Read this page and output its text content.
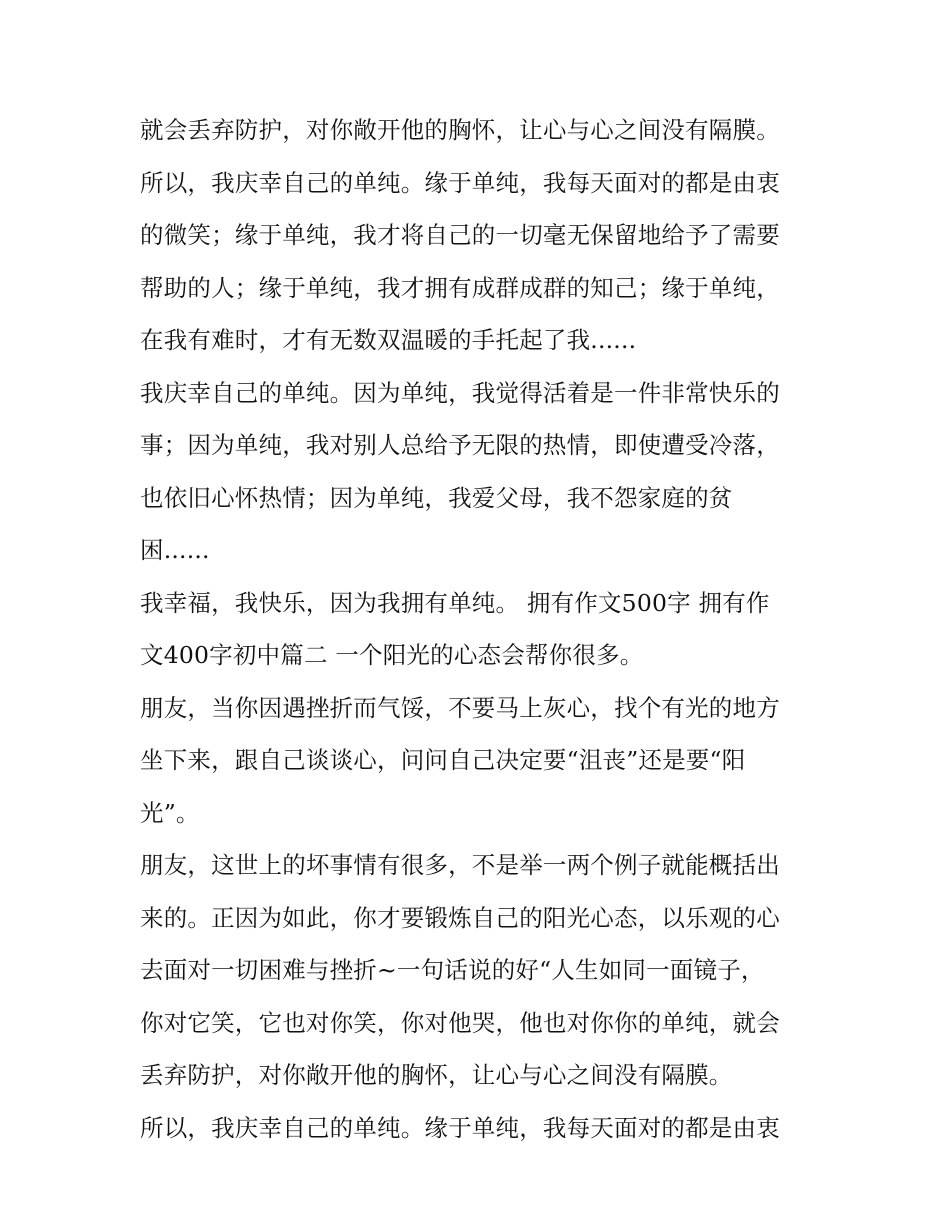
就会丢弃防护，对你敞开他的胸怀，让心与心之间没有隔膜。
所以，我庆幸自己的单纯。缘于单纯，我每天面对的都是由衷
的微笑；缘于单纯，我才将自己的一切毫无保留地给予了需要
帮助的人；缘于单纯，我才拥有成群成群的知己；缘于单纯，
在我有难时，才有无数双温暖的手托起了我......
我庆幸自己的单纯。因为单纯，我觉得活着是一件非常快乐的
事；因为单纯，我对别人总给予无限的热情，即使遭受冷落，
也依旧心怀热情；因为单纯，我爱父母，我不怨家庭的贫
困......
我幸福，我快乐，因为我拥有单纯。 拥有作文500字 拥有作
文400字初中篇二 一个阳光的心态会帮你很多。
朋友，当你因遇挫折而气馁，不要马上灰心，找个有光的地方
坐下来，跟自己谈谈心，问问自己决定要“沮丧”还是要“阳
光”。
朋友，这世上的坏事情有很多，不是举一两个例子就能概括出
来的。正因为如此，你才要锻炼自己的阳光心态，以乐观的心
去面对一切困难与挫折~一句话说的好“人生如同一面镜子，
你对它笑，它也对你笑，你对他哭，他也对你你的单纯，就会
丢弃防护，对你敞开他的胸怀，让心与心之间没有隔膜。
所以，我庆幸自己的单纯。缘于单纯，我每天面对的都是由衷
